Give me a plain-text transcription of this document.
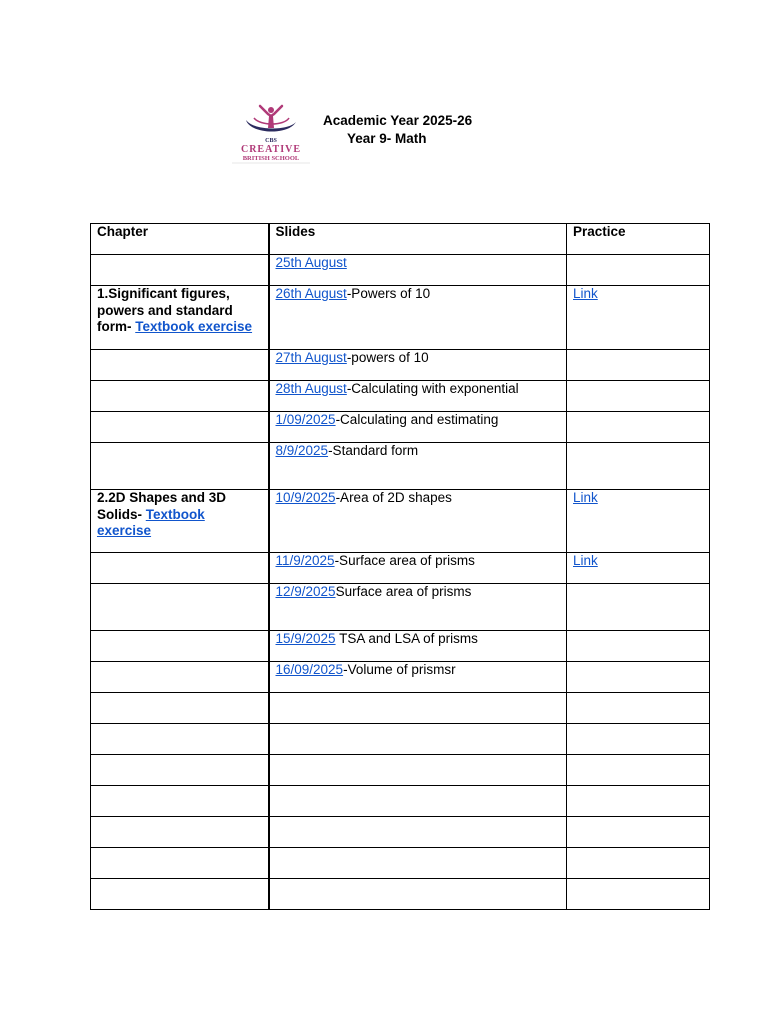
CBS
CREATIVE
BRITISH SCHOOL
Academic Year 2025-26
Year 9- Math
Chapter	Slides	Practice
	25th August	
1.Significant figures, powers and standard form- Textbook exercise	26th August-Powers of 10	Link
	27th August-powers of 10	
	28th August-Calculating with exponential	
	1/09/2025-Calculating and estimating	
	8/9/2025-Standard form	
2.2D Shapes and 3D Solids- Textbook exercise	10/9/2025-Area of 2D shapes	Link
	11/9/2025-Surface area of prisms	Link
	12/9/2025Surface area of prisms	
	15/9/2025 TSA and LSA of prisms	
	16/09/2025-Volume of prismsr	
